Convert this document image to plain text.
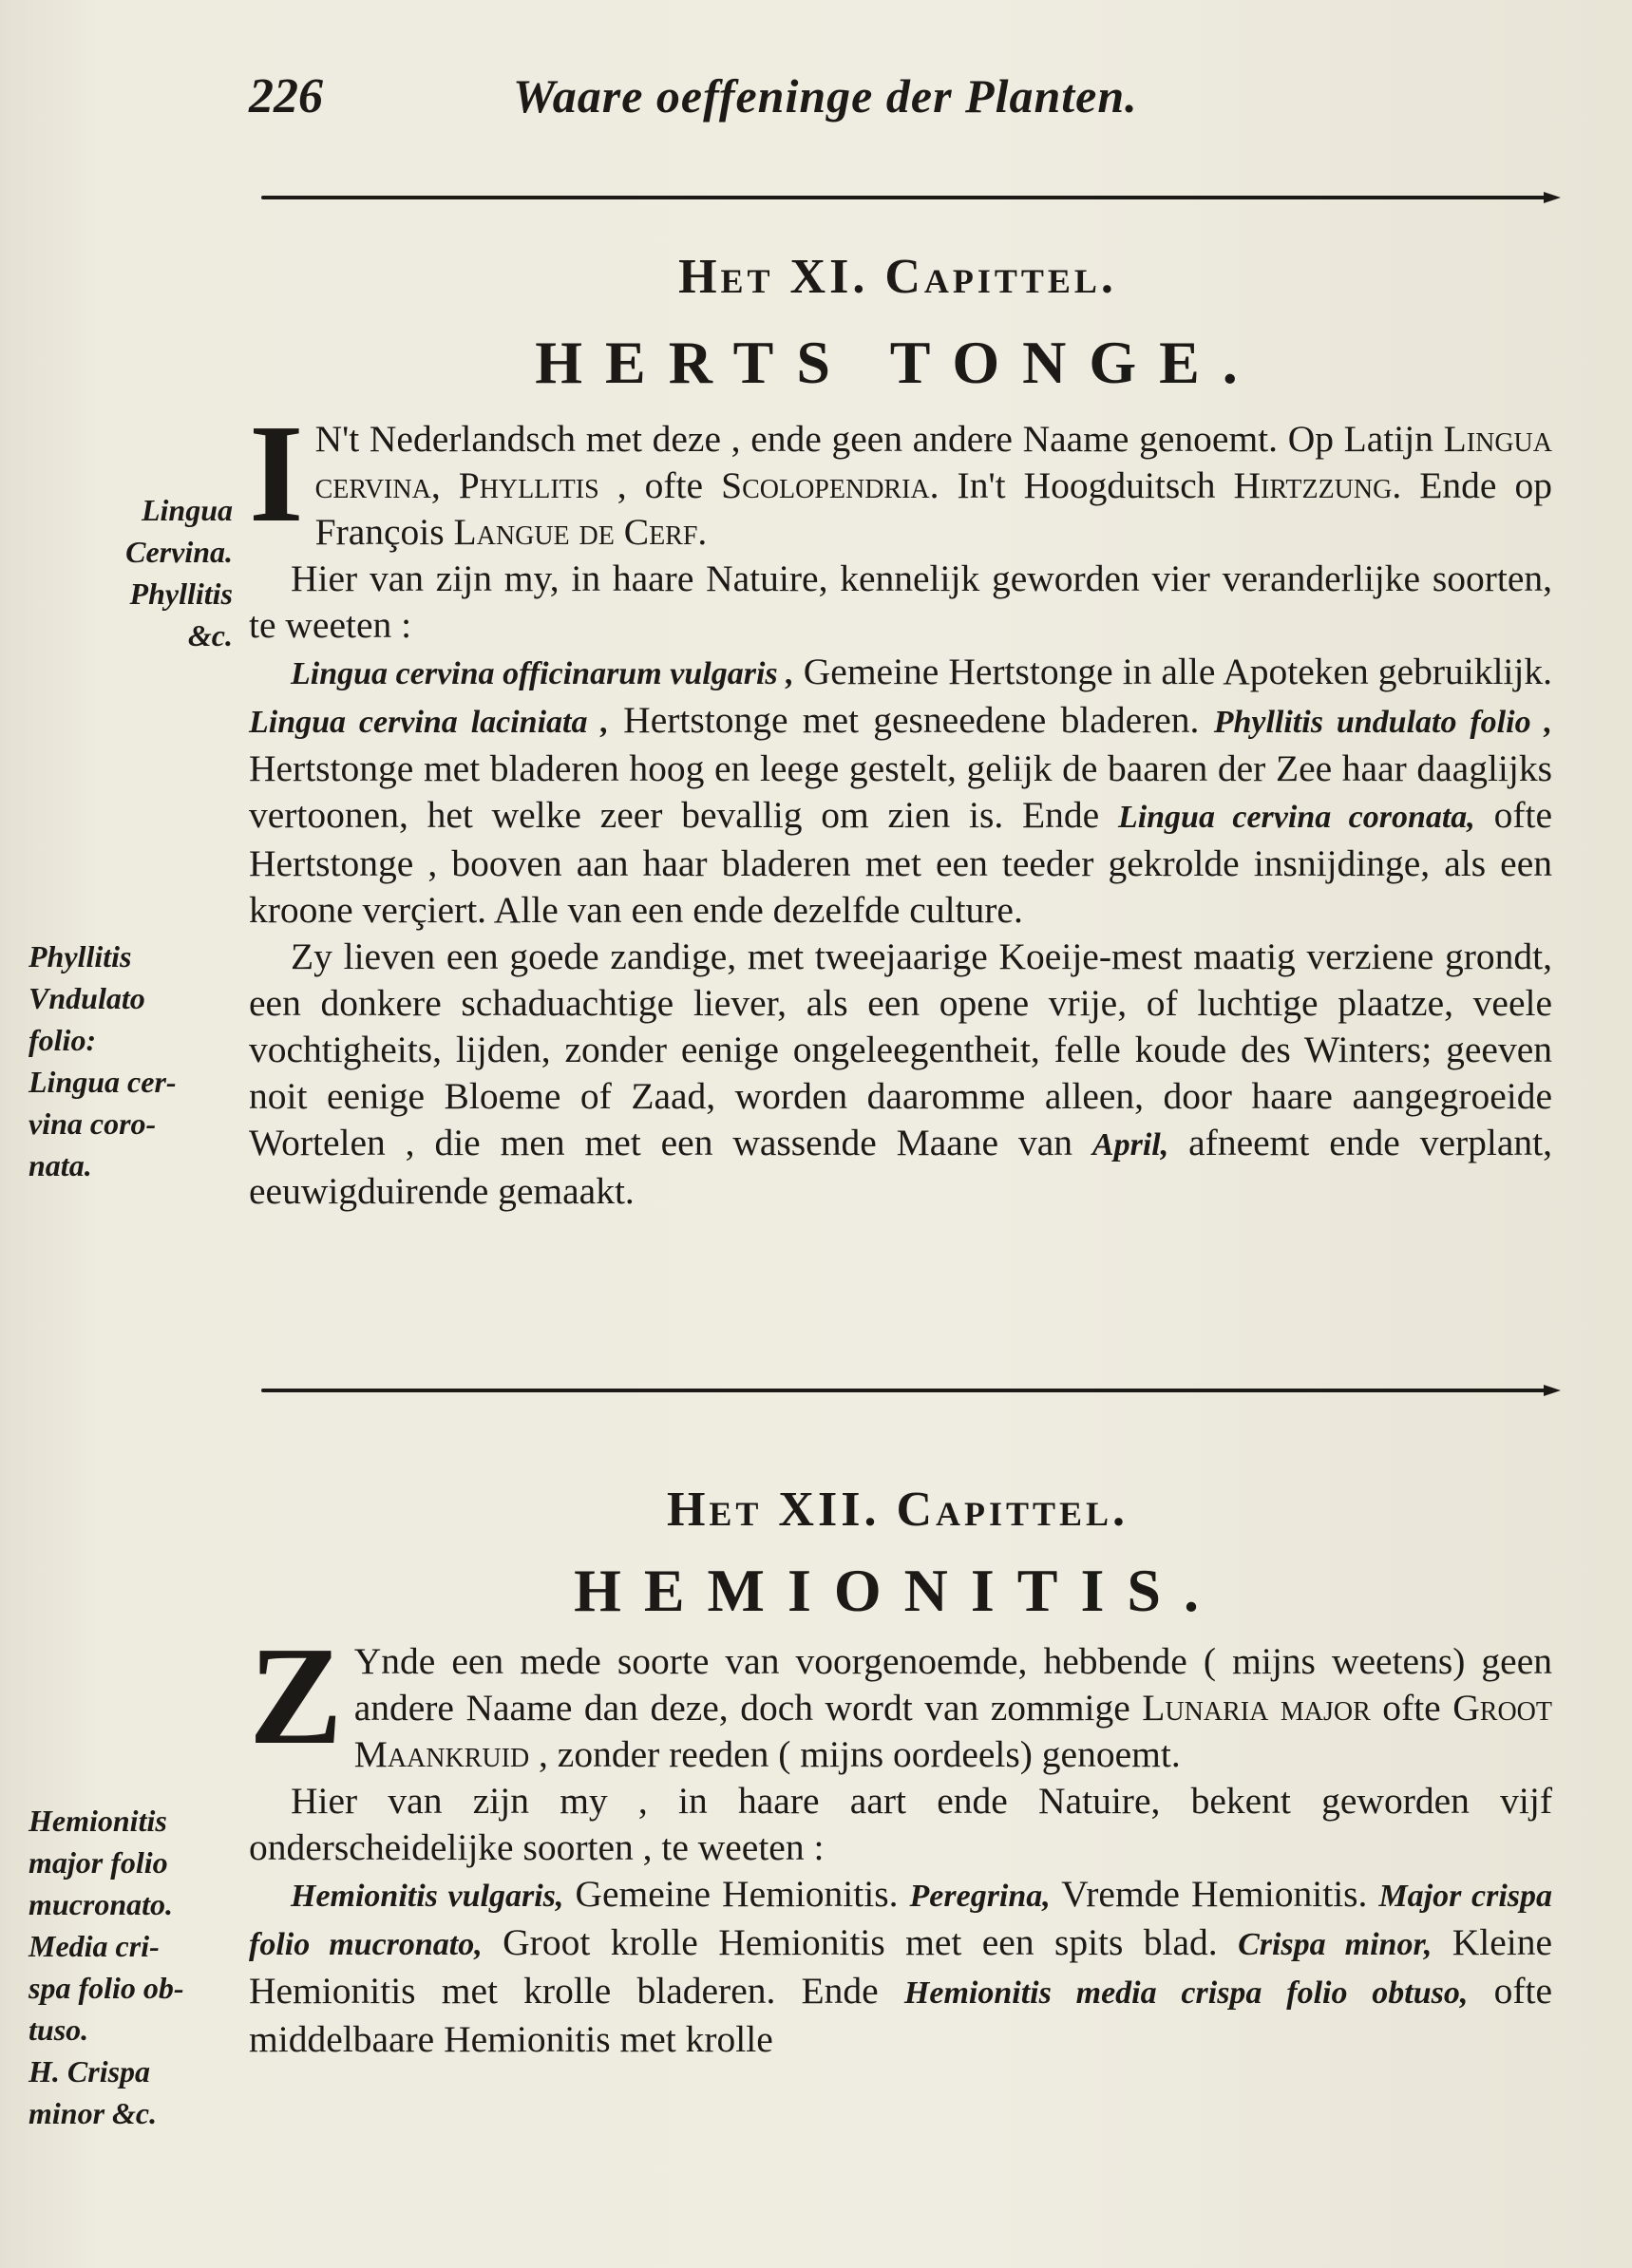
226	Waare oeffeninge der Planten.
Het XI. Capittel.
HERTS TONGE.
Lingua
Cervina.
Phyllitis
&c.
Phyllitis
Vndulato
folio:
Lingua cer-
vina coro-
nata.

I N't Nederlandsch met deze , ende geen andere Naame genoemt. Op Latijn Lingua cervina, Phyllitis , ofte Scolopendria. In't Hoogduitsch Hirtzzung. Ende op François Langue de Cerf.

Hier van zijn my, in haare Natuire, kennelijk geworden vier veranderlijke soorten, te weeten :

Lingua cervina officinarum vulgaris , Gemeine Hertstonge in alle Apoteken gebruiklijk. Lingua cervina laciniata , Hertstonge met gesneedene bladeren. Phyllitis undulato folio , Hertstonge met bladeren hoog en leege gestelt, gelijk de baaren der Zee haar daaglijks vertoonen, het welke zeer bevallig om zien is. Ende Lingua cervina coronata, ofte Hertstonge , booven aan haar bladeren met een teeder gekrolde insnijdinge, als een kroone verçiert. Alle van een ende dezelfde culture.

Zy lieven een goede zandige, met tweejaarige Koeije-mest maatig verziene grondt, een donkere schaduachtige liever, als een opene vrije, of luchtige plaatze, veele vochtigheits, lijden, zonder eenige ongeleegentheit, felle koude des Winters; geeven noit eenige Bloeme of Zaad, worden daaromme alleen, door haare aangegroeide Wortelen , die men met een wassende Maane van April, afneemt ende verplant, eeuwigduirende gemaakt.

Het XII. Capittel.
HEMIONITIS.
Hemionitis
major folio
mucronato.
Media cri-
spa folio ob-
tuso.
H. Crispa
minor &c.

Z Ynde een mede soorte van voorgenoemde, hebbende ( mijns weetens) geen andere Naame dan deze, doch wordt van zommige Lunaria major ofte Groot Maankruid , zonder reeden ( mijns oordeels) genoemt.

Hier van zijn my , in haare aart ende Natuire, bekent geworden vijf onderscheidelijke soorten , te weeten :

Hemionitis vulgaris, Gemeine Hemionitis. Peregrina, Vremde Hemionitis. Major crispa folio mucronato, Groot krolle Hemionitis met een spits blad. Crispa minor, Kleine Hemionitis met krolle bladeren. Ende Hemionitis media crispa folio obtuso, ofte middelbaare Hemionitis met krolle
